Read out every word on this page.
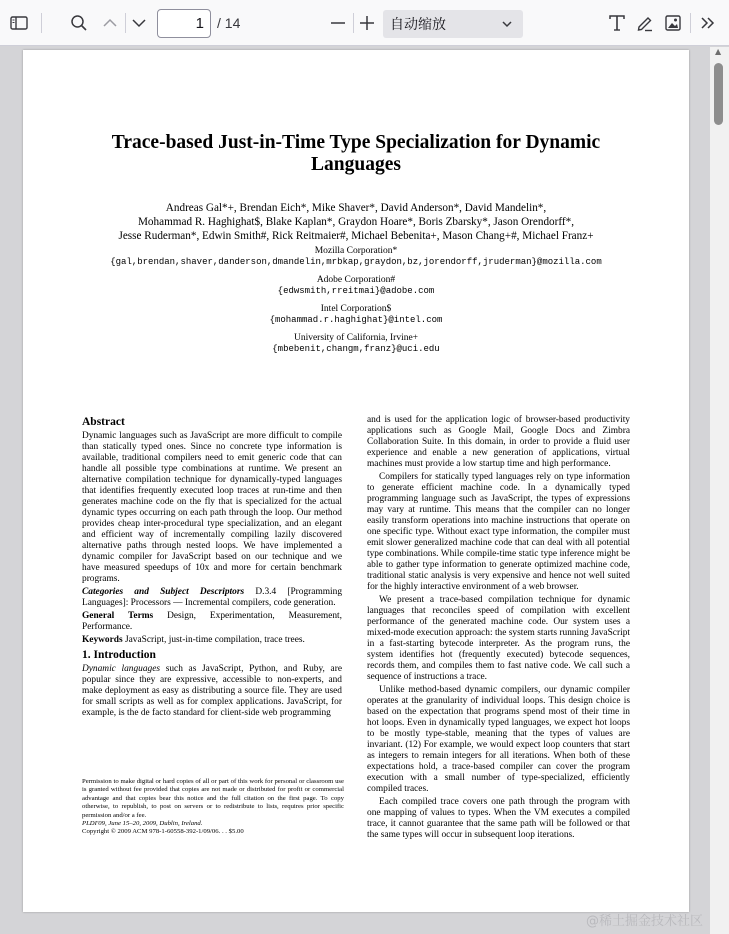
1
/ 14	自动缩放
Trace-based Just-in-Time Type Specialization for Dynamic
Languages
Andreas Gal*+, Brendan Eich*, Mike Shaver*, David Anderson*, David Mandelin*,
Mohammad R. Haghighat$, Blake Kaplan*, Graydon Hoare*, Boris Zbarsky*, Jason Orendorff*,
Jesse Ruderman*, Edwin Smith#, Rick Reitmaier#, Michael Bebenita+, Mason Chang+#, Michael Franz+
Mozilla Corporation*
{gal,brendan,shaver,danderson,dmandelin,mrbkap,graydon,bz,jorendorff,jruderman}@mozilla.com
Adobe Corporation#
{edwsmith,rreitmai}@adobe.com
Intel Corporation$
{mohammad.r.haghighat}@intel.com
University of California, Irvine+
{mbebenit,changm,franz}@uci.edu
Abstract

Dynamic languages such as JavaScript are more difficult to compile than statically typed ones. Since no concrete type information is available, traditional compilers need to emit generic code that can handle all possible type combinations at runtime. We present an alternative compilation technique for dynamically-typed languages that identifies frequently executed loop traces at run-time and then generates machine code on the fly that is specialized for the actual dynamic types occurring on each path through the loop. Our method provides cheap inter-procedural type specialization, and an elegant and efficient way of incrementally compiling lazily discovered alternative paths through nested loops. We have implemented a dynamic compiler for JavaScript based on our technique and we have measured speedups of 10x and more for certain benchmark programs.

Categories and Subject Descriptors D.3.4 [Programming Languages]: Processors — Incremental compilers, code generation.

General Terms Design, Experimentation, Measurement, Performance.

Keywords JavaScript, just-in-time compilation, trace trees.

1. Introduction

Dynamic languages such as JavaScript, Python, and Ruby, are popular since they are expressive, accessible to non-experts, and make deployment as easy as distributing a source file. They are used for small scripts as well as for complex applications. JavaScript, for example, is the de facto standard for client-side web programming

Permission to make digital or hard copies of all or part of this work for personal or classroom use is granted without fee provided that copies are not made or distributed for profit or commercial advantage and that copies bear this notice and the full citation on the first page. To copy otherwise, to republish, to post on servers or to redistribute to lists, requires prior specific permission and/or a fee.
PLDI'09, June 15–20, 2009, Dublin, Ireland.
Copyright © 2009 ACM 978-1-60558-392-1/09/06. . . $5.00

and is used for the application logic of browser-based productivity applications such as Google Mail, Google Docs and Zimbra Collaboration Suite. In this domain, in order to provide a fluid user experience and enable a new generation of applications, virtual machines must provide a low startup time and high performance.

Compilers for statically typed languages rely on type information to generate efficient machine code. In a dynamically typed programming language such as JavaScript, the types of expressions may vary at runtime. This means that the compiler can no longer easily transform operations into machine instructions that operate on one specific type. Without exact type information, the compiler must emit slower generalized machine code that can deal with all potential type combinations. While compile-time static type inference might be able to gather type information to generate optimized machine code, traditional static analysis is very expensive and hence not well suited for the highly interactive environment of a web browser.

We present a trace-based compilation technique for dynamic languages that reconciles speed of compilation with excellent performance of the generated machine code. Our system uses a mixed-mode execution approach: the system starts running JavaScript in a fast-starting bytecode interpreter. As the program runs, the system identifies hot (frequently executed) bytecode sequences, records them, and compiles them to fast native code. We call such a sequence of instructions a trace.

Unlike method-based dynamic compilers, our dynamic compiler operates at the granularity of individual loops. This design choice is based on the expectation that programs spend most of their time in hot loops. Even in dynamically typed languages, we expect hot loops to be mostly type-stable, meaning that the types of values are invariant. (12) For example, we would expect loop counters that start as integers to remain integers for all iterations. When both of these expectations hold, a trace-based compiler can cover the program execution with a small number of type-specialized, efficiently compiled traces.

Each compiled trace covers one path through the program with one mapping of values to types. When the VM executes a compiled trace, it cannot guarantee that the same path will be followed or that the same types will occur in subsequent loop iterations.

▲
@稀土掘金技术社区
